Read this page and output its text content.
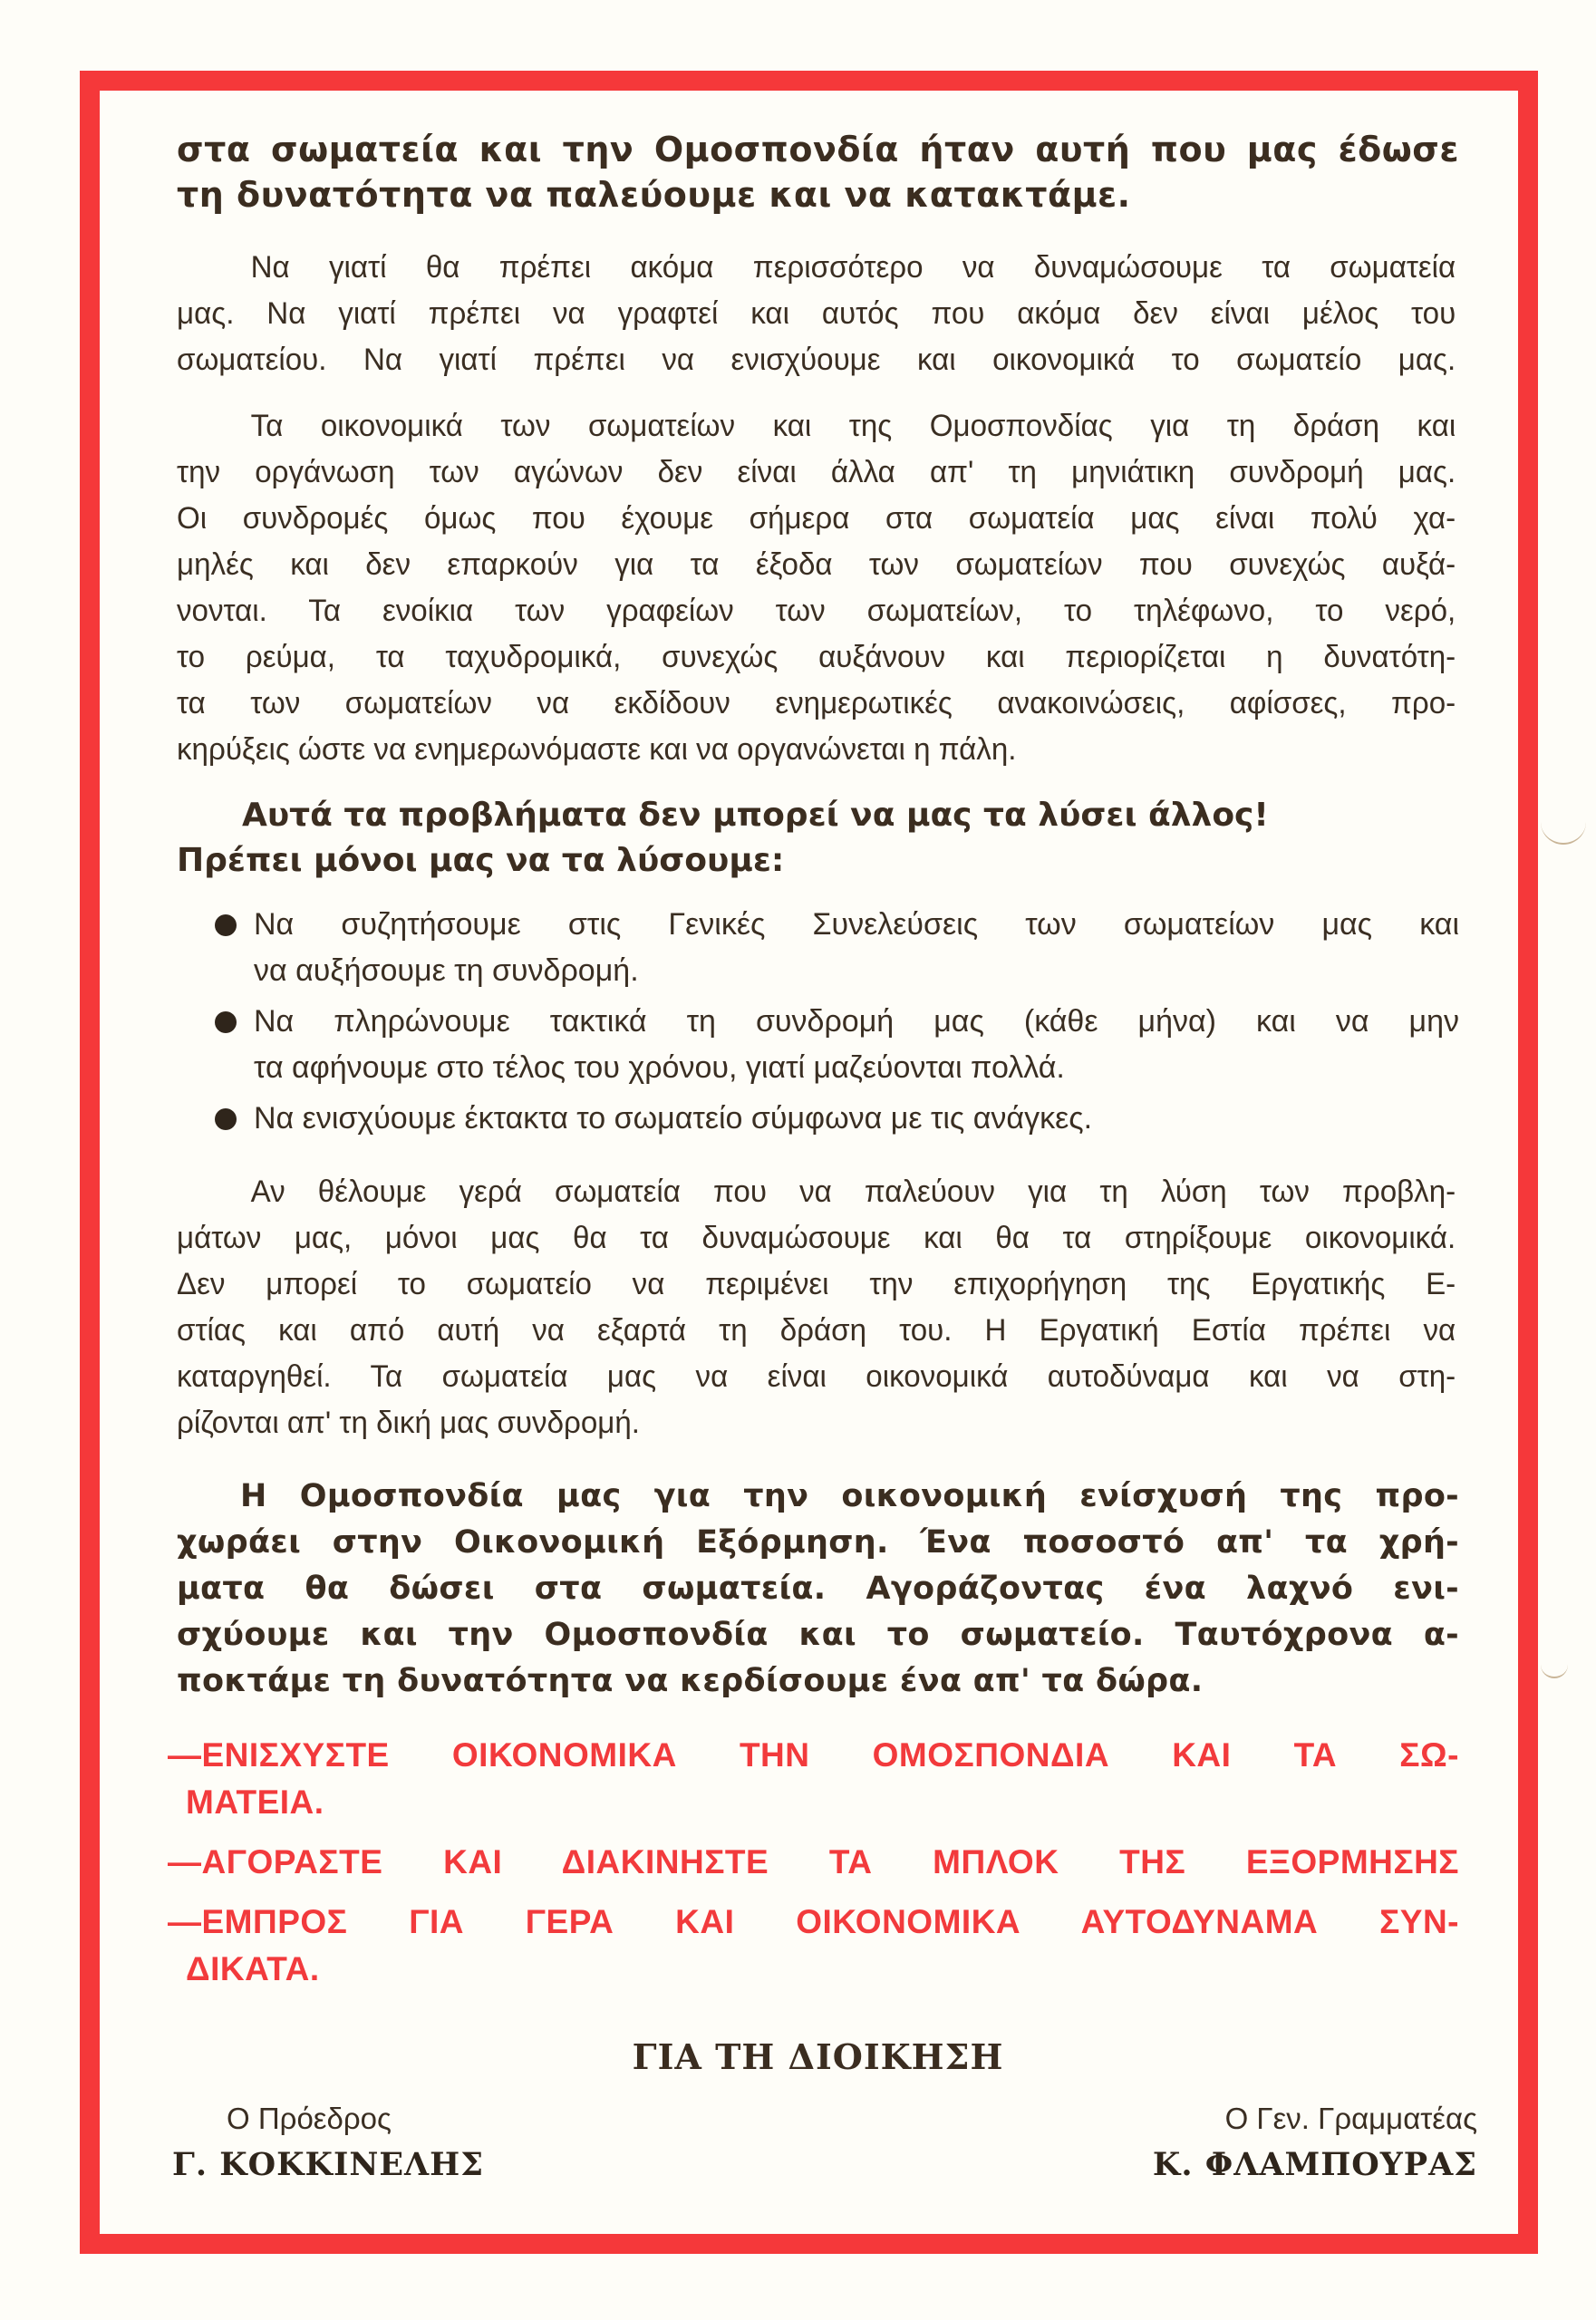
στα σωματεία και την Ομοσπονδία ήταν αυτή που μας έδωσε
τη δυνατότητα να παλεύουμε και να κατακτάμε.
Να γιατί θα πρέπει ακόμα περισσότερο να δυναμώσουμε τα σωματεία
μας. Να γιατί πρέπει να γραφτεί και αυτός που ακόμα δεν είναι μέλος του
σωματείου. Να γιατί πρέπει να ενισχύουμε και οικονομικά το σωματείο μας.
Τα οικονομικά των σωματείων και της Ομοσπονδίας για τη δράση και
την οργάνωση των αγώνων δεν είναι άλλα απ' τη μηνιάτικη συνδρομή μας.
Οι συνδρομές όμως που έχουμε σήμερα στα σωματεία μας είναι πολύ χα-
μηλές και δεν επαρκούν για τα έξοδα των σωματείων που συνεχώς αυξά-
νονται. Τα ενοίκια των γραφείων των σωματείων, το τηλέφωνο, το νερό,
το ρεύμα, τα ταχυδρομικά, συνεχώς αυξάνουν και περιορίζεται η δυνατότη-
τα των σωματείων να εκδίδουν ενημερωτικές ανακοινώσεις, αφίσσες, προ-
κηρύξεις ώστε να ενημερωνόμαστε και να οργανώνεται η πάλη.
Αυτά τα προβλήματα δεν μπορεί να μας τα λύσει άλλος!
Πρέπει μόνοι μας να τα λύσουμε:
Να συζητήσουμε στις Γενικές Συνελεύσεις των σωματείων μας και
να αυξήσουμε τη συνδρομή.
Να πληρώνουμε τακτικά τη συνδρομή μας (κάθε μήνα) και να μην
τα αφήνουμε στο τέλος του χρόνου, γιατί μαζεύονται πολλά.
Να ενισχύουμε έκτακτα το σωματείο σύμφωνα με τις ανάγκες.
Αν θέλουμε γερά σωματεία που να παλεύουν για τη λύση των προβλη-
μάτων μας, μόνοι μας θα τα δυναμώσουμε και θα τα στηρίξουμε οικονομικά.
Δεν μπορεί το σωματείο να περιμένει την επιχορήγηση της Εργατικής Ε-
στίας και από αυτή να εξαρτά τη δράση του. Η Εργατική Εστία πρέπει να
καταργηθεί. Τα σωματεία μας να είναι οικονομικά αυτοδύναμα και να στη-
ρίζονται απ' τη δική μας συνδρομή.
Η Ομοσπονδία μας για την οικονομική ενίσχυσή της προ-
χωράει στην Οικονομική Εξόρμηση. Ένα ποσοστό απ' τα χρή-
ματα θα δώσει στα σωματεία. Αγοράζοντας ένα λαχνό ενι-
σχύουμε και την Ομοσπονδία και το σωματείο. Ταυτόχρονα α-
ποκτάμε τη δυνατότητα να κερδίσουμε ένα απ' τα δώρα.
—ΕΝΙΣΧΥΣΤΕ ΟΙΚΟΝΟΜΙΚΑ ΤΗΝ ΟΜΟΣΠΟΝΔΙΑ ΚΑΙ ΤΑ ΣΩ-
ΜΑΤΕΙΑ.
—ΑΓΟΡΑΣΤΕ ΚΑΙ ΔΙΑΚΙΝΗΣΤΕ ΤΑ ΜΠΛΟΚ ΤΗΣ ΕΞΟΡΜΗΣΗΣ
—ΕΜΠΡΟΣ ΓΙΑ ΓΕΡΑ ΚΑΙ ΟΙΚΟΝΟΜΙΚΑ ΑΥΤΟΔΥΝΑΜΑ ΣΥΝ-
ΔΙΚΑΤΑ.
ΓΙΑ ΤΗ ΔΙΟΙΚΗΣΗ
Ο Πρόεδρος
Γ. ΚΟΚΚΙΝΕΛΗΣ
Ο Γεν. Γραμματέας
Κ. ΦΛΑΜΠΟΥΡΑΣ
